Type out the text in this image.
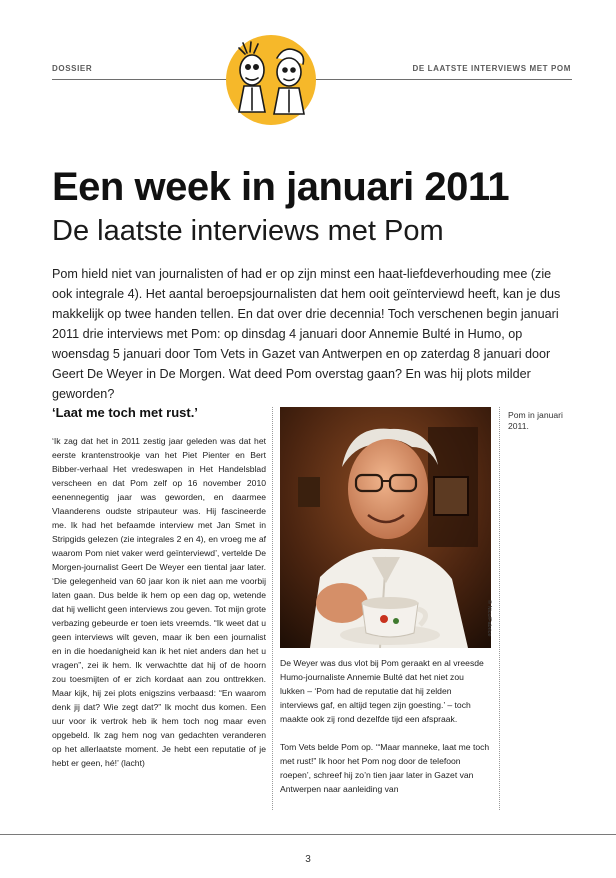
DOSSIER	DE LAATSTE INTERVIEWS MET POM
Een week in januari 2011
De laatste interviews met Pom

Pom hield niet van journalisten of had er op zijn minst een haat-liefdeverhouding mee (zie ook integrale 4). Het aantal beroepsjournalisten dat hem ooit geïnterviewd heeft, kan je dus makkelijk op twee handen tellen. En dat over drie decennia! Toch verschenen begin januari 2011 drie interviews met Pom: op dinsdag 4 januari door Annemie Bulté in Humo, op woensdag 5 januari door Tom Vets in Gazet van Antwerpen en op zaterdag 8 januari door Geert De Weyer in De Morgen. Wat deed Pom overstag gaan? En was hij plots milder geworden?

‘Laat me toch met rust.’

‘Ik zag dat het in 2011 zestig jaar geleden was dat het eerste krantenstrookje van het Piet Pienter en Bert Bibber-verhaal Het vredeswapen in Het Handelsblad verscheen en dat Pom zelf op 16 november 2010 eenennegentig jaar was geworden, en daarmee Vlaanderens oudste stripauteur was. Hij fascineerde me. Ik had het befaamde interview met Jan Smet in Stripgids gelezen (zie integrales 2 en 4), en vroeg me af waarom Pom niet vaker werd geïnterviewd’, vertelde De Morgen-journalist Geert De Weyer een tiental jaar later. ‘Die gelegenheid van 60 jaar kon ik niet aan me voorbij laten gaan. Dus belde ik hem op een dag op, wetende dat hij wellicht geen interviews zou geven. Tot mijn grote verbazing gebeurde er toen iets vreemds. “Ik weet dat u geen interviews wilt geven, maar ik ben een journalist en in die hoedanigheid kan ik het niet anders dan het u vragen”, zei ik hem. Ik verwachtte dat hij of de hoorn zou toesmijten of er zich kordaat aan zou onttrekken. Maar kijk, hij zei plots enigszins verbaasd: “En waarom denk jij dat? Wie zegt dat?” Ik mocht dus komen. Een uur voor ik vertrok heb ik hem toch nog maar even opgebeld. Ik zag hem nog van gedachten veranderen op het allerlaatste moment. Je hebt een reputatie of je hebt er geen, hé!’ (lacht)

© Nico/Fabrice
Pom in januari 2011.

De Weyer was dus vlot bij Pom geraakt en al vreesde Humo-journaliste Annemie Bulté dat het niet zou lukken – ‘Pom had de reputatie dat hij zelden interviews gaf, en altijd tegen zijn goesting.’ – toch maakte ook zij rond dezelfde tijd een afspraak.

Tom Vets belde Pom op. ‘“Maar manneke, laat me toch met rust!” Ik hoor het Pom nog door de telefoon roepen’, schreef hij zo’n tien jaar later in Gazet van Antwerpen naar aanleiding van

3
